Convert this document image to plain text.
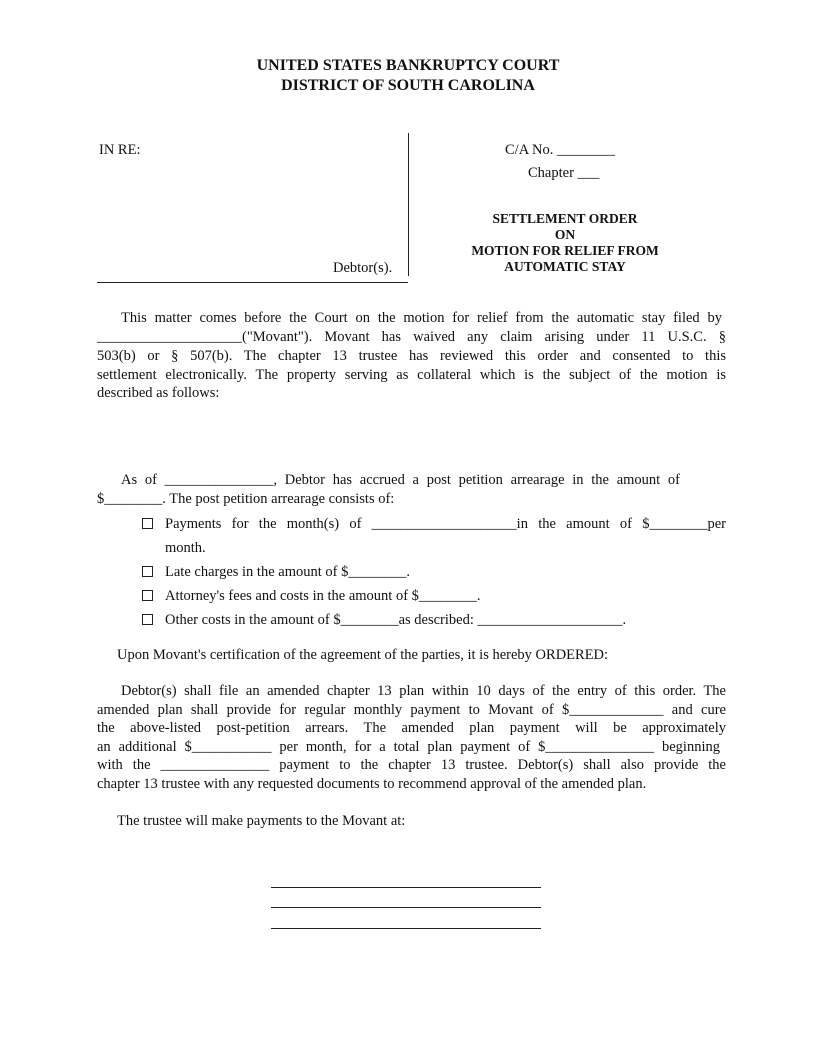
UNITED STATES BANKRUPTCY COURT
DISTRICT OF SOUTH CAROLINA
IN RE:
Debtor(s).
C/A No. ________
Chapter ___
SETTLEMENT ORDER
ON
MOTION FOR RELIEF FROM
AUTOMATIC STAY
This matter comes before the Court on the motion for relief from the automatic stay filed by
____________________("Movant"). Movant has waived any claim arising under 11 U.S.C. §
503(b) or § 507(b). The chapter 13 trustee has reviewed this order and consented to this
settlement electronically. The property serving as collateral which is the subject of the motion is
described as follows:
As of _______________, Debtor has accrued a post petition arrearage in the amount of
$________. The post petition arrearage consists of:
Payments for the month(s) of ____________________in the amount of $________per
month.
Late charges in the amount of $________.
Attorney's fees and costs in the amount of $________.
Other costs in the amount of $________as described: ____________________.
Upon Movant's certification of the agreement of the parties, it is hereby ORDERED:
Debtor(s) shall file an amended chapter 13 plan within 10 days of the entry of this order. The
amended plan shall provide for regular monthly payment to Movant of $_____________ and cure
the above-listed post-petition arrears. The amended plan payment will be approximately
an additional $___________ per month, for a total plan payment of $_______________ beginning
with the _______________ payment to the chapter 13 trustee. Debtor(s) shall also provide the
chapter 13 trustee with any requested documents to recommend approval of the amended plan.
The trustee will make payments to the Movant at:
